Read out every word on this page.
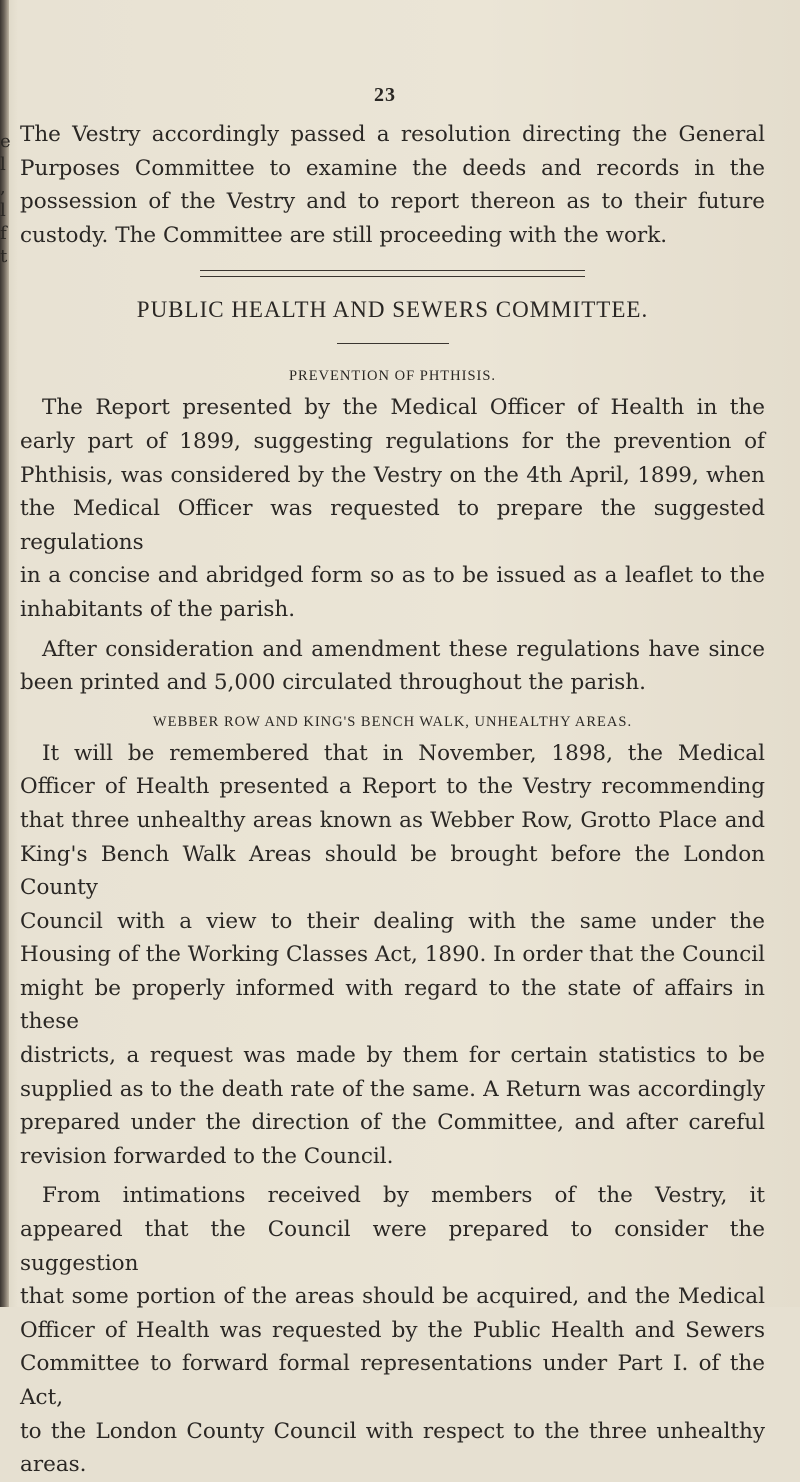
e
l
,
l
f
t
23

The Vestry accordingly passed a resolution directing the General

Purposes Committee to examine the deeds and records in the

possession of the Vestry and to report thereon as to their future

custody. The Committee are still proceeding with the work.

PUBLIC HEALTH AND SEWERS COMMITTEE.
PREVENTION OF PHTHISIS.

The Report presented by the Medical Officer of Health in the

early part of 1899, suggesting regulations for the prevention of

Phthisis, was considered by the Vestry on the 4th April, 1899, when

the Medical Officer was requested to prepare the suggested regulations

in a concise and abridged form so as to be issued as a leaflet to the

inhabitants of the parish.

After consideration and amendment these regulations have since

been printed and 5,000 circulated throughout the parish.

WEBBER ROW AND KING'S BENCH WALK, UNHEALTHY AREAS.

It will be remembered that in November, 1898, the Medical

Officer of Health presented a Report to the Vestry recommending

that three unhealthy areas known as Webber Row, Grotto Place and

King's Bench Walk Areas should be brought before the London County

Council with a view to their dealing with the same under the

Housing of the Working Classes Act, 1890. In order that the Council

might be properly informed with regard to the state of affairs in these

districts, a request was made by them for certain statistics to be

supplied as to the death rate of the same. A Return was accordingly

prepared under the direction of the Committee, and after careful

revision forwarded to the Council.

From intimations received by members of the Vestry, it

appeared that the Council were prepared to consider the suggestion

that some portion of the areas should be acquired, and the Medical

Officer of Health was requested by the Public Health and Sewers

Committee to forward formal representations under Part I. of the Act,

to the London County Council with respect to the three unhealthy

areas.
